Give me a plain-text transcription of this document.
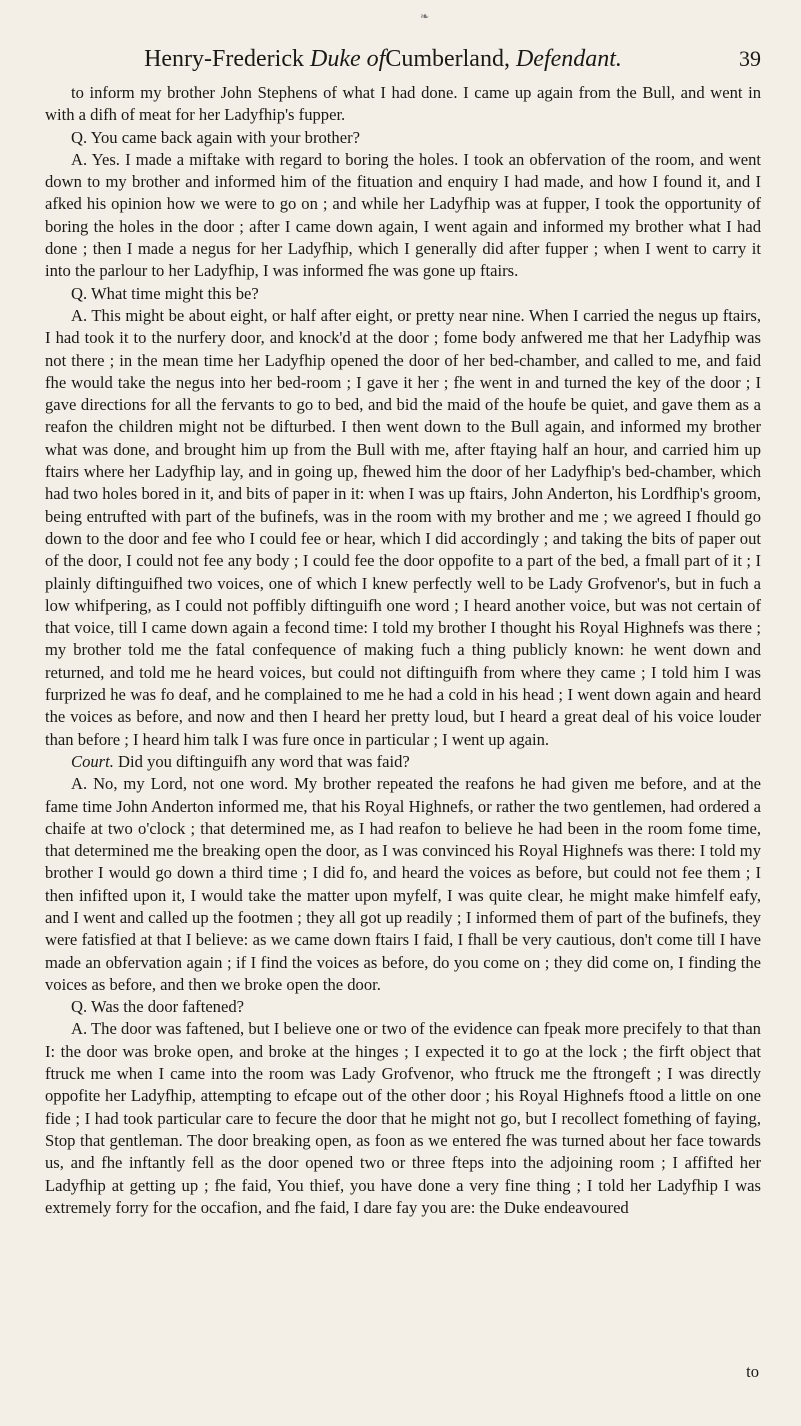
❧
Henry-Frederick Duke ofCumberland, Defendant.	39

to inform my brother John Stephens of what I had done. I came up again from the Bull, and went in with a difh of meat for her Ladyfhip's fupper.

Q. You came back again with your brother?

A. Yes. I made a miftake with regard to boring the holes. I took an obfervation of the room, and went down to my brother and informed him of the fituation and enquiry I had made, and how I found it, and I afked his opinion how we were to go on ; and while her Ladyfhip was at fupper, I took the opportunity of boring the holes in the door ; after I came down again, I went again and informed my brother what I had done ; then I made a negus for her Ladyfhip, which I generally did after fupper ; when I went to carry it into the parlour to her Ladyfhip, I was informed fhe was gone up ftairs.

Q. What time might this be?

A. This might be about eight, or half after eight, or pretty near nine. When I carried the negus up ftairs, I had took it to the nurfery door, and knock'd at the door ; fome body anfwered me that her Ladyfhip was not there ; in the mean time her Ladyfhip opened the door of her bed-chamber, and called to me, and faid fhe would take the negus into her bed-room ; I gave it her ; fhe went in and turned the key of the door ; I gave directions for all the fervants to go to bed, and bid the maid of the houfe be quiet, and gave them as a reafon the children might not be difturbed. I then went down to the Bull again, and informed my brother what was done, and brought him up from the Bull with me, after ftaying half an hour, and carried him up ftairs where her Ladyfhip lay, and in going up, fhewed him the door of her Ladyfhip's bed-chamber, which had two holes bored in it, and bits of paper in it: when I was up ftairs, John Anderton, his Lordfhip's groom, being entrufted with part of the bufinefs, was in the room with my brother and me ; we agreed I fhould go down to the door and fee who I could fee or hear, which I did accordingly ; and taking the bits of paper out of the door, I could not fee any body ; I could fee the door oppofite to a part of the bed, a fmall part of it ; I plainly diftinguifhed two voices, one of which I knew perfectly well to be Lady Grofvenor's, but in fuch a low whifpering, as I could not poffibly diftinguifh one word ; I heard another voice, but was not certain of that voice, till I came down again a fecond time: I told my brother I thought his Royal Highnefs was there ; my brother told me the fatal confequence of making fuch a thing publicly known: he went down and returned, and told me he heard voices, but could not diftinguifh from where they came ; I told him I was furprized he was fo deaf, and he complained to me he had a cold in his head ; I went down again and heard the voices as before, and now and then I heard her pretty loud, but I heard a great deal of his voice louder than before ; I heard him talk I was fure once in particular ; I went up again.

Court. Did you diftinguifh any word that was faid?

A. No, my Lord, not one word. My brother repeated the reafons he had given me before, and at the fame time John Anderton informed me, that his Royal Highnefs, or rather the two gentlemen, had ordered a chaife at two o'clock ; that determined me, as I had reafon to believe he had been in the room fome time, that determined me the breaking open the door, as I was convinced his Royal Highnefs was there: I told my brother I would go down a third time ; I did fo, and heard the voices as before, but could not fee them ; I then infifted upon it, I would take the matter upon myfelf, I was quite clear, he might make himfelf eafy, and I went and called up the footmen ; they all got up readily ; I informed them of part of the bufinefs, they were fatisfied at that I believe: as we came down ftairs I faid, I fhall be very cautious, don't come till I have made an obfervation again ; if I find the voices as before, do you come on ; they did come on, I finding the voices as before, and then we broke open the door.

Q. Was the door faftened?

A. The door was faftened, but I believe one or two of the evidence can fpeak more precifely to that than I: the door was broke open, and broke at the hinges ; I expected it to go at the lock ; the firft object that ftruck me when I came into the room was Lady Grofvenor, who ftruck me the ftrongeft ; I was directly oppofite her Ladyfhip, attempting to efcape out of the other door ; his Royal Highnefs ftood a little on one fide ; I had took particular care to fecure the door that he might not go, but I recollect fomething of faying, Stop that gentleman. The door breaking open, as foon as we entered fhe was turned about her face towards us, and fhe inftantly fell as the door opened two or three fteps into the adjoining room ; I affifted her Ladyfhip at getting up ; fhe faid, You thief, you have done a very fine thing ; I told her Ladyfhip I was extremely forry for the occafion, and fhe faid, I dare fay you are: the Duke endeavoured

to
